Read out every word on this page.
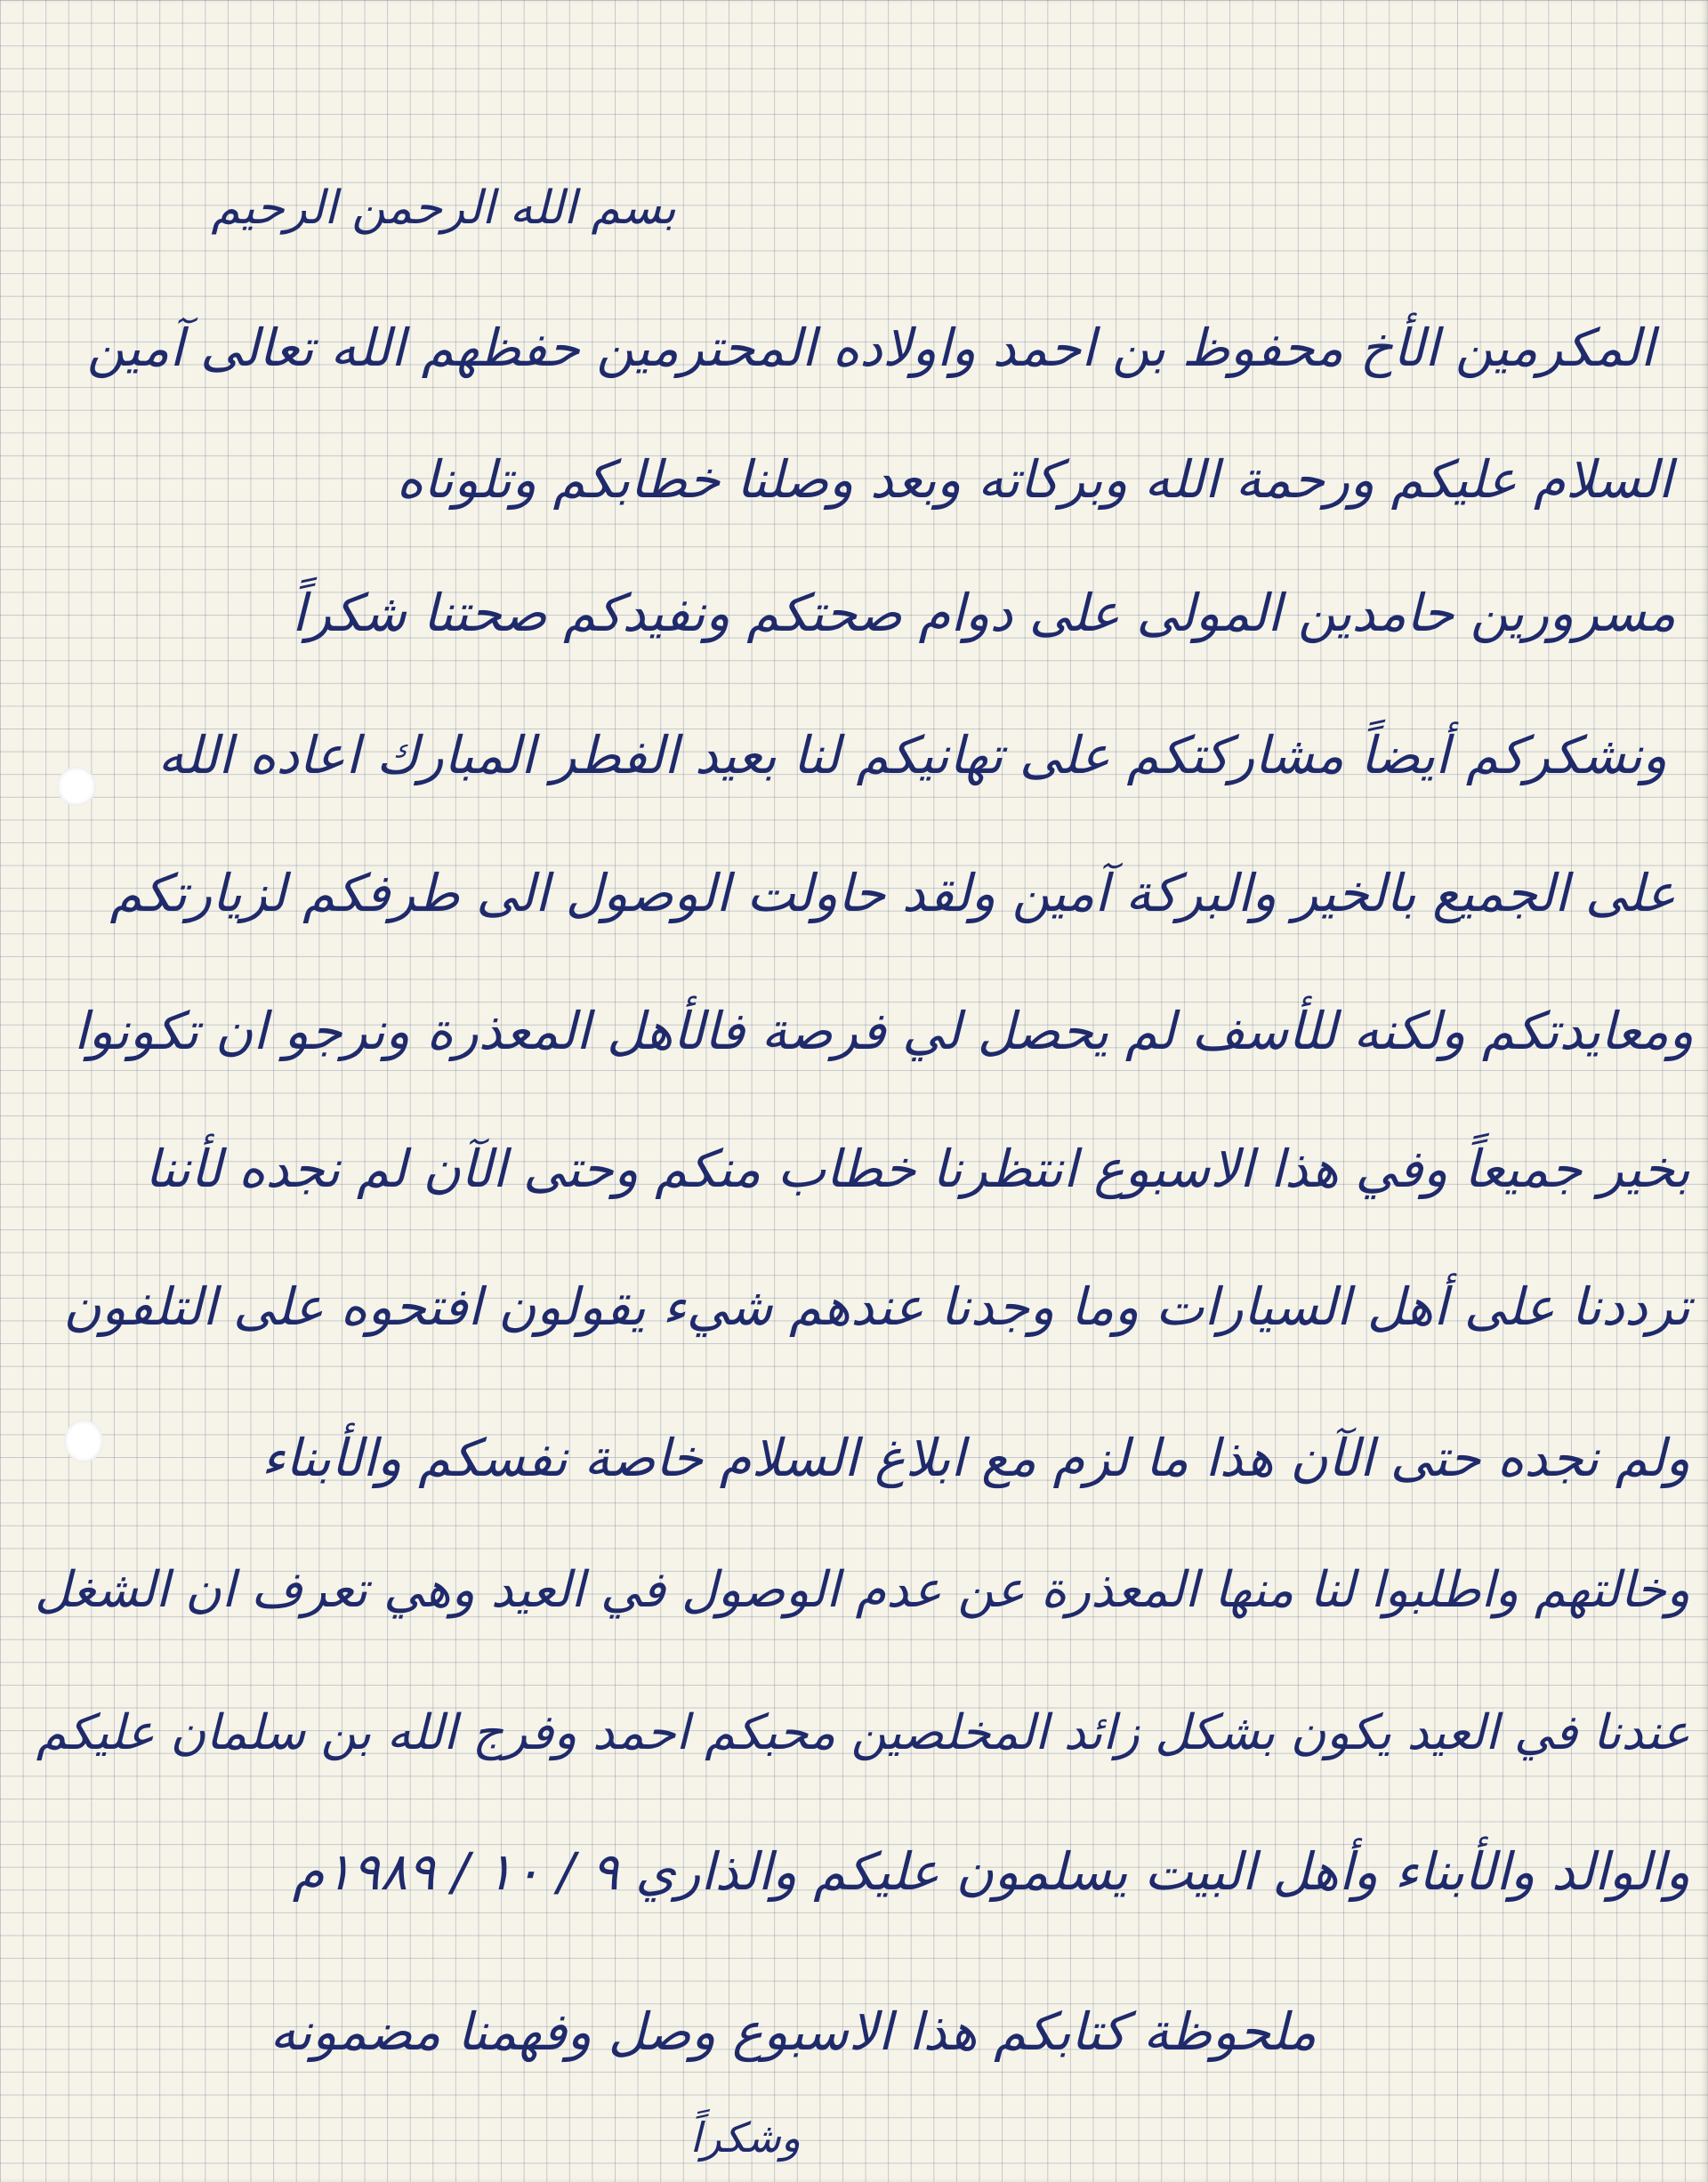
بسم الله الرحمن الرحيم
المكرمين الأخ محفوظ بن احمد واولاده المحترمين حفظهم الله تعالى آمين
السلام عليكم ورحمة الله وبركاته وبعد وصلنا خطابكم وتلوناه
مسرورين حامدين المولى على دوام صحتكم ونفيدكم صحتنا شكراً
ونشكركم أيضاً مشاركتكم على تهانيكم لنا بعيد الفطر المبارك اعاده الله
على الجميع بالخير والبركة آمين ولقد حاولت الوصول الى طرفكم لزيارتكم
ومعايدتكم ولكنه للأسف لم يحصل لي فرصة فالأهل المعذرة ونرجو ان تكونوا
بخير جميعاً وفي هذا الاسبوع انتظرنا خطاب منكم وحتى الآن لم نجده لأننا
ترددنا على أهل السيارات وما وجدنا عندهم شيء يقولون افتحوه على التلفون
ولم نجده حتى الآن هذا ما لزم مع ابلاغ السلام خاصة نفسكم والأبناء
وخالتهم واطلبوا لنا منها المعذرة عن عدم الوصول في العيد وهي تعرف ان الشغل
عندنا في العيد يكون بشكل زائد المخلصين محبكم احمد وفرج الله بن سلمان عليكم
والوالد والأبناء وأهل البيت يسلمون عليكم والذاري ٩ / ١٠ / ١٩٨٩م
ملحوظة كتابكم هذا الاسبوع وصل وفهمنا مضمونه
وشكراً
